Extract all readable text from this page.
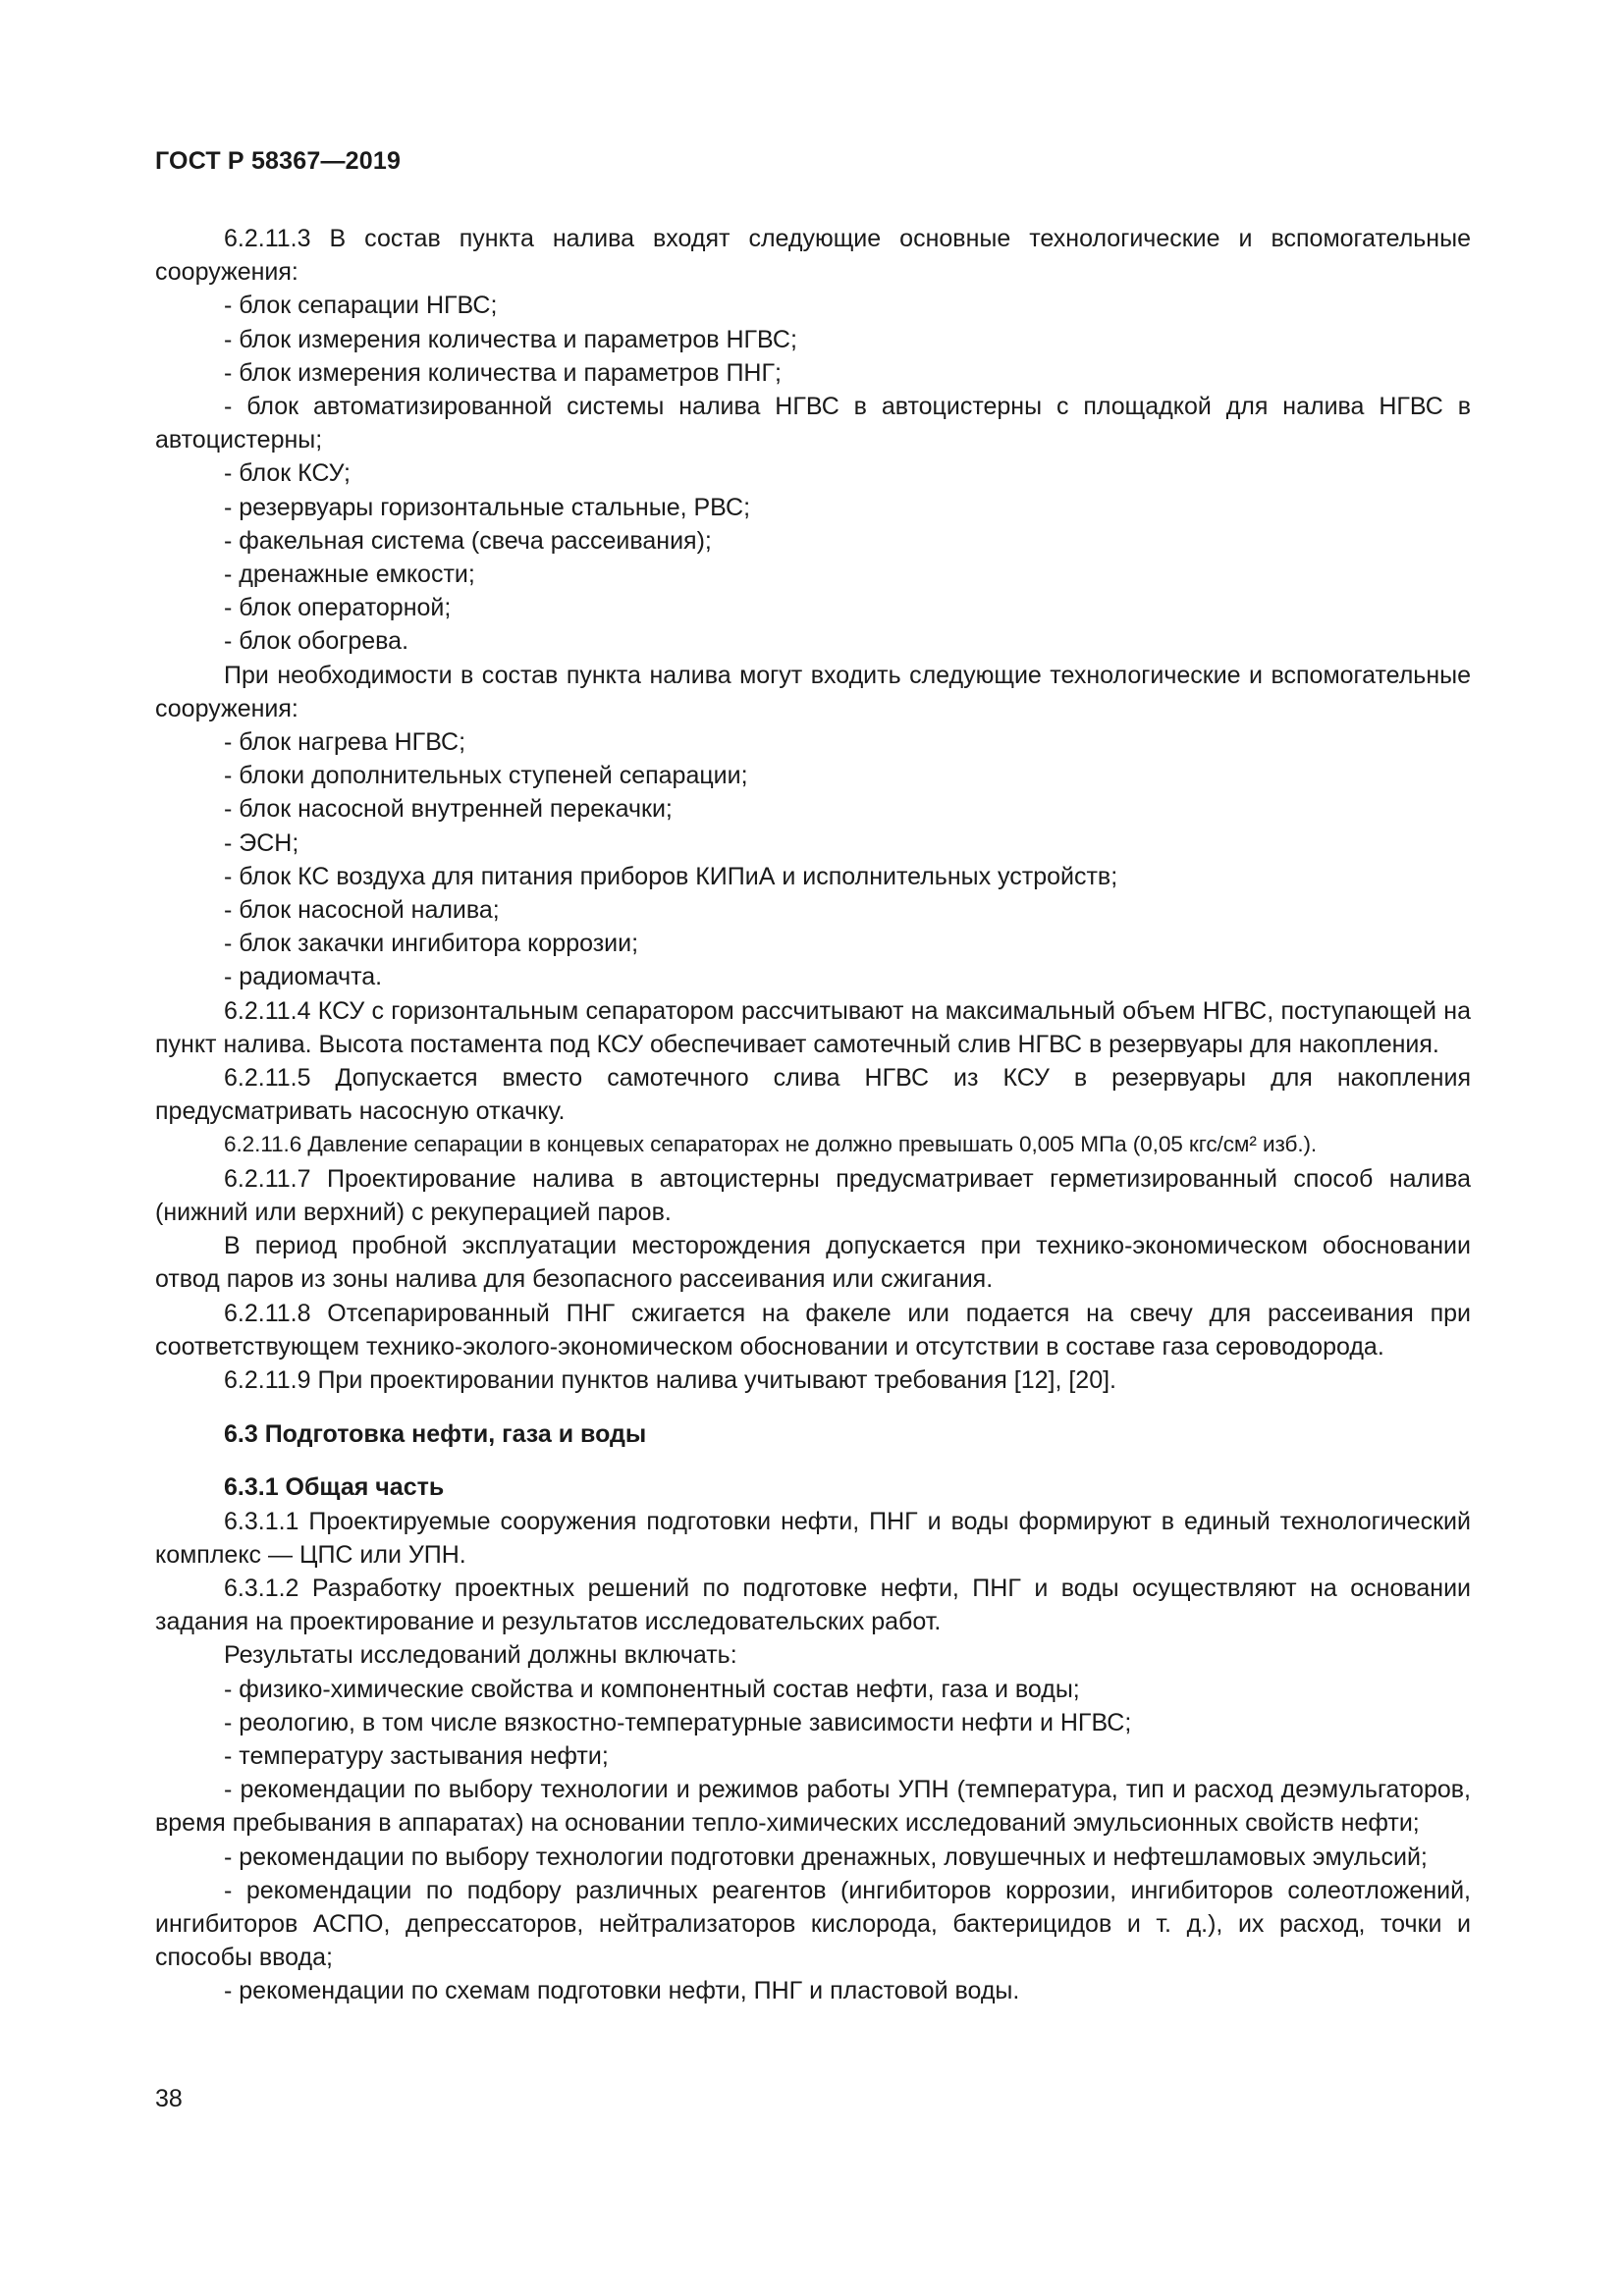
ГОСТ Р 58367—2019

6.2.11.3 В состав пункта налива входят следующие основные технологические и вспомогательные сооружения:

- блок сепарации НГВС;

- блок измерения количества и параметров НГВС;

- блок измерения количества и параметров ПНГ;

- блок автоматизированной системы налива НГВС в автоцистерны с площадкой для налива НГВС в автоцистерны;

- блок КСУ;

- резервуары горизонтальные стальные, РВС;

- факельная система (свеча рассеивания);

- дренажные емкости;

- блок операторной;

- блок обогрева.

При необходимости в состав пункта налива могут входить следующие технологические и вспомогательные сооружения:

- блок нагрева НГВС;

- блоки дополнительных ступеней сепарации;

- блок насосной внутренней перекачки;

- ЭСН;

- блок КС воздуха для питания приборов КИПиА и исполнительных устройств;

- блок насосной налива;

- блок закачки ингибитора коррозии;

- радиомачта.

6.2.11.4 КСУ с горизонтальным сепаратором рассчитывают на максимальный объем НГВС, поступающей на пункт налива. Высота постамента под КСУ обеспечивает самотечный слив НГВС в резервуары для накопления.

6.2.11.5 Допускается вместо самотечного слива НГВС из КСУ в резервуары для накопления предусматривать насосную откачку.

6.2.11.6 Давление сепарации в концевых сепараторах не должно превышать 0,005 МПа (0,05 кгс/см² изб.).

6.2.11.7 Проектирование налива в автоцистерны предусматривает герметизированный способ налива (нижний или верхний) с рекуперацией паров.

В период пробной эксплуатации месторождения допускается при технико-экономическом обосновании отвод паров из зоны налива для безопасного рассеивания или сжигания.

6.2.11.8 Отсепарированный ПНГ сжигается на факеле или подается на свечу для рассеивания при соответствующем технико-эколого-экономическом обосновании и отсутствии в составе газа сероводорода.

6.2.11.9 При проектировании пунктов налива учитывают требования [12], [20].

6.3 Подготовка нефти, газа и воды

6.3.1 Общая часть

6.3.1.1 Проектируемые сооружения подготовки нефти, ПНГ и воды формируют в единый технологический комплекс — ЦПС или УПН.

6.3.1.2 Разработку проектных решений по подготовке нефти, ПНГ и воды осуществляют на основании задания на проектирование и результатов исследовательских работ.

Результаты исследований должны включать:

- физико-химические свойства и компонентный состав нефти, газа и воды;

- реологию, в том числе вязкостно-температурные зависимости нефти и НГВС;

- температуру застывания нефти;

- рекомендации по выбору технологии и режимов работы УПН (температура, тип и расход деэмульгаторов, время пребывания в аппаратах) на основании тепло-химических исследований эмульсионных свойств нефти;

- рекомендации по выбору технологии подготовки дренажных, ловушечных и нефтешламовых эмульсий;

- рекомендации по подбору различных реагентов (ингибиторов коррозии, ингибиторов солеотложений, ингибиторов АСПО, депрессаторов, нейтрализаторов кислорода, бактерицидов и т. д.), их расход, точки и способы ввода;

- рекомендации по схемам подготовки нефти, ПНГ и пластовой воды.

38
